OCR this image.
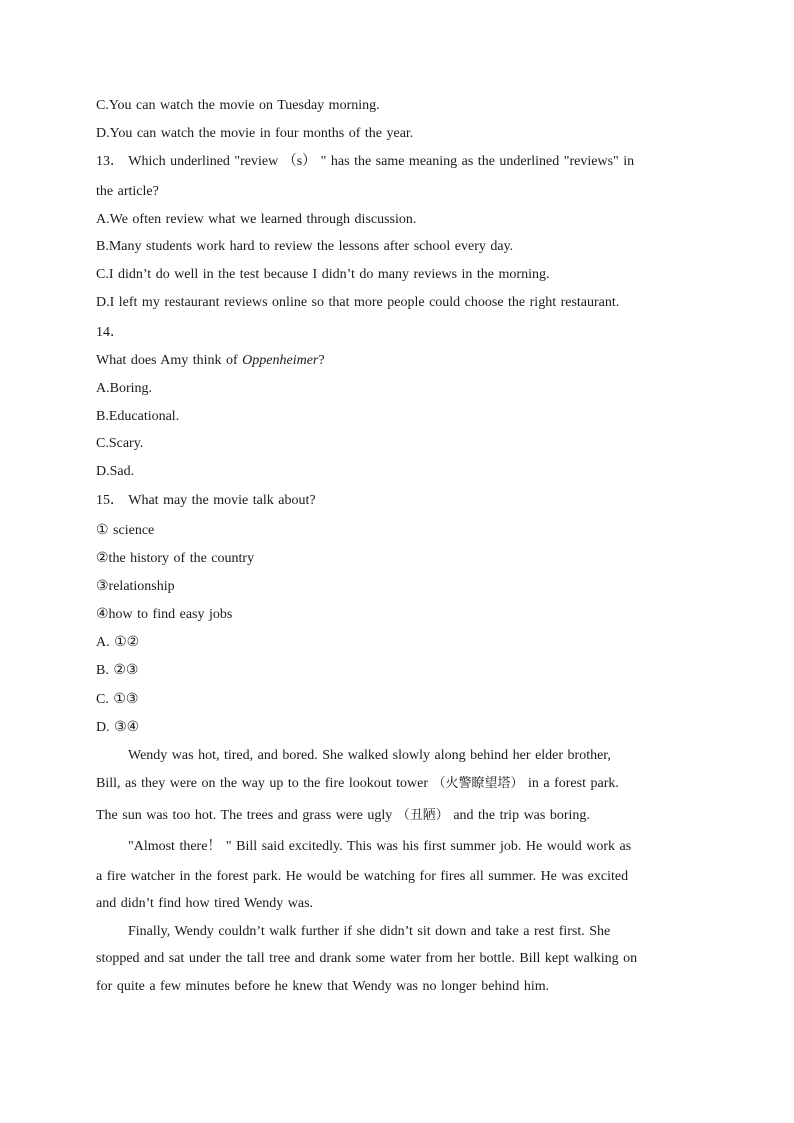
C.You can watch the movie on Tuesday morning.
D.You can watch the movie in four months of the year.
13． Which underlined "review （s） " has the same meaning as the underlined "reviews" in
the article?
A.We often review what we learned through discussion.
B.Many students work hard to review the lessons after school every day.
C.I didn’t do well in the test because I didn’t do many reviews in the morning.
D.I left my restaurant reviews online so that more people could choose the right restaurant.
14．
What does Amy think of Oppenheimer?
A.Boring.
B.Educational.
C.Scary.
D.Sad.
15． What may the movie talk about?
① science
②the history of the country
③relationship
④how to find easy jobs
A. ①②
B. ②③
C. ①③
D. ③④
Wendy was hot, tired, and bored. She walked slowly along behind her elder brother,
Bill, as they were on the way up to the fire lookout tower （火警瞭望塔） in a forest park.
The sun was too hot. The trees and grass were ugly （丑陋） and the trip was boring.
"Almost there！ " Bill said excitedly. This was his first summer job. He would work as
a fire watcher in the forest park. He would be watching for fires all summer. He was excited
and didn’t find how tired Wendy was.
Finally, Wendy couldn’t walk further if she didn’t sit down and take a rest first. She
stopped and sat under the tall tree and drank some water from her bottle. Bill kept walking on
for quite a few minutes before he knew that Wendy was no longer behind him.
